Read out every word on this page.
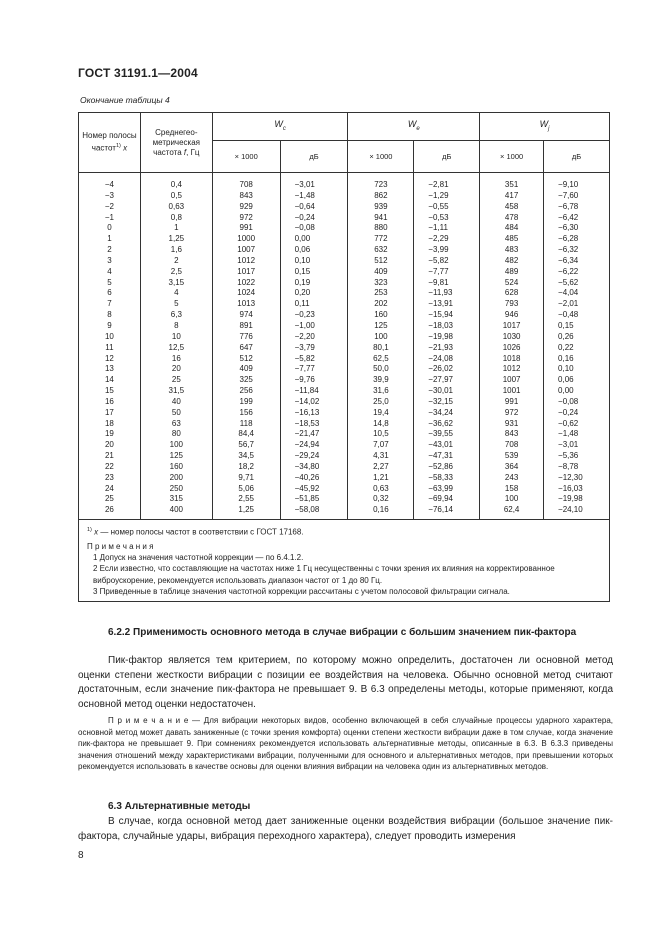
ГОСТ 31191.1—2004
Окончание таблицы 4
Номер полосы частот$^{1)}$ x	Среднегеометрическая частота f, Гц	$W_c$		$W_e$		$W_j$
		× 1000	дБ	× 1000	дБ	× 1000	дБ
−4	0,4	708	−3,01	723	−2,81	351	−9,10
−3	0,5	843	−1,48	862	−1,29	417	−7,60
−2	0,63	929	−0,64	939	−0,55	458	−6,78
−1	0,8	972	−0,24	941	−0,53	478	−6,42
0	1	991	−0,08	880	−1,11	484	−6,30
1	1,25	1000	0,00	772	−2,29	485	−6,28
2	1,6	1007	0,06	632	−3,99	483	−6,32
3	2	1012	0,10	512	−5,82	482	−6,34
4	2,5	1017	0,15	409	−7,77	489	−6,22
5	3,15	1022	0,19	323	−9,81	524	−5,62
6	4	1024	0,20	253	−11,93	628	−4,04
7	5	1013	0,11	202	−13,91	793	−2,01
8	6,3	974	−0,23	160	−15,94	946	−0,48
9	8	891	−1,00	125	−18,03	1017	0,15
10	10	776	−2,20	100	−19,98	1030	0,26
11	12,5	647	−3,79	80,1	−21,93	1026	0,22
12	16	512	−5,82	62,5	−24,08	1018	0,16
13	20	409	−7,77	50,0	−26,02	1012	0,10
14	25	325	−9,76	39,9	−27,97	1007	0,06
15	31,5	256	−11,84	31,6	−30,01	1001	0,00
16	40	199	−14,02	25,0	−32,15	991	−0,08
17	50	156	−16,13	19,4	−34,24	972	−0,24
18	63	118	−18,53	14,8	−36,62	931	−0,62
19	80	84,4	−21,47	10,5	−39,55	843	−1,48
20	100	56,7	−24,94	7,07	−43,01	708	−3,01
21	125	34,5	−29,24	4,31	−47,31	539	−5,36
22	160	18,2	−34,80	2,27	−52,86	364	−8,78
23	200	9,71	−40,26	1,21	−58,33	243	−12,30
24	250	5,06	−45,92	0,63	−63,99	158	−16,03
25	315	2,55	−51,85	0,32	−69,94	100	−19,98
26	400	1,25	−58,08	0,16	−76,14	62,4	−24,10

$^{1)}$ x — номер полосы частот в соответствии с ГОСТ 17168.
П р и м е ч а н и я
1 Допуск на значения частотной коррекции — по 6.4.1.2.
2 Если известно, что составляющие на частотах ниже 1 Гц несущественны с точки зрения их влияния на корректированное виброускорение, рекомендуется использовать диапазон частот от 1 до 80 Гц.
3 Приведенные в таблице значения частотной коррекции рассчитаны с учетом полосовой фильтрации сигнала.							
6.2.2 Применимость основного метода в случае вибрации с большим значением пик-фактора
Пик-фактор является тем критерием, по которому можно определить, достаточен ли основной метод оценки степени жесткости вибрации с позиции ее воздействия на человека. Обычно основной метод считают достаточным, если значение пик-фактора не превышает 9. В 6.3 определены методы, которые применяют, когда основной метод оценки недостаточен.
П р и м е ч а н и е — Для вибрации некоторых видов, особенно включающей в себя случайные процессы ударного характера, основной метод может давать заниженные (с точки зрения комфорта) оценки степени жесткости вибрации даже в том случае, когда значение пик-фактора не превышает 9. При сомнениях рекомендуется использовать альтернативные методы, описанные в 6.3. В 6.3.3 приведены значения отношений между характеристиками вибрации, полученными для основного и альтернативных методов, при превышении которых рекомендуется использовать в качестве основы для оценки влияния вибрации на человека один из альтернативных методов.
6.3 Альтернативные методы
В случае, когда основной метод дает заниженные оценки воздействия вибрации (большое значение пик-фактора, случайные удары, вибрация переходного характера), следует проводить измерения
8
